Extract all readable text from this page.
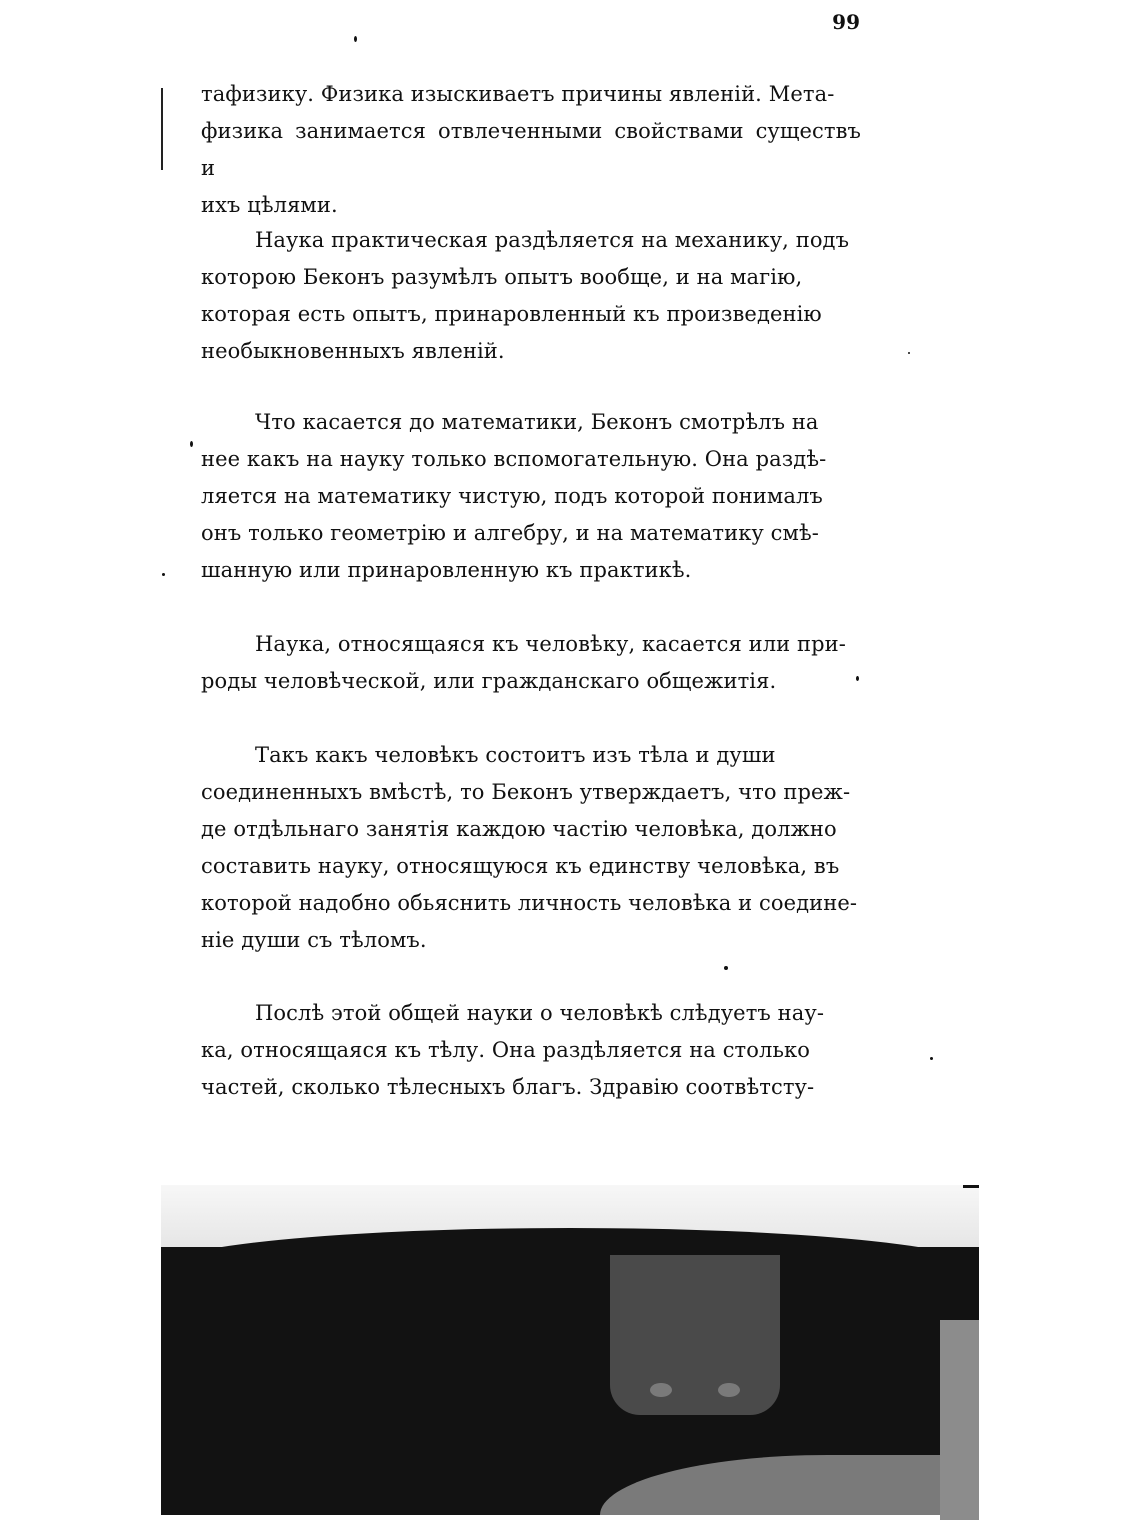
99

тафизику. Физика изыскиваетъ причины явленій. Мета-
физика занимается отвлеченными свойствами существъ и
ихъ цѣлями.

Наука практическая раздѣляется на механику, подъ
которою Беконъ разумѣлъ опытъ вообще, и на магію,
которая есть опытъ, принаровленный къ произведенію
необыкновенныхъ явленій.

Что касается до математики, Беконъ смотрѣлъ на
нее какъ на науку только вспомогательную. Она раздѣ-
ляется на математику чистую, подъ которой понималъ
онъ только геометрію и алгебру, и на математику смѣ-
шанную или принаровленную къ практикѣ.

Наука, относящаяся къ человѣку, касается или при-
роды человѣческой, или гражданскаго общежитія.

Такъ какъ человѣкъ состоитъ изъ тѣла и души
соединенныхъ вмѣстѣ, то Беконъ утверждаетъ, что преж-
де отдѣльнаго занятія каждою частію человѣка, должно
составить науку, относящуюся къ единству человѣка, въ
которой надобно обьяснить личность человѣка и соедине-
ніе души съ тѣломъ.

Послѣ этой общей науки о человѣкѣ слѣдуетъ нау-
ка, относящаяся къ тѣлу. Она раздѣляется на столько
частей, сколько тѣлесныхъ благъ. Здравію соотвѣтсту-
